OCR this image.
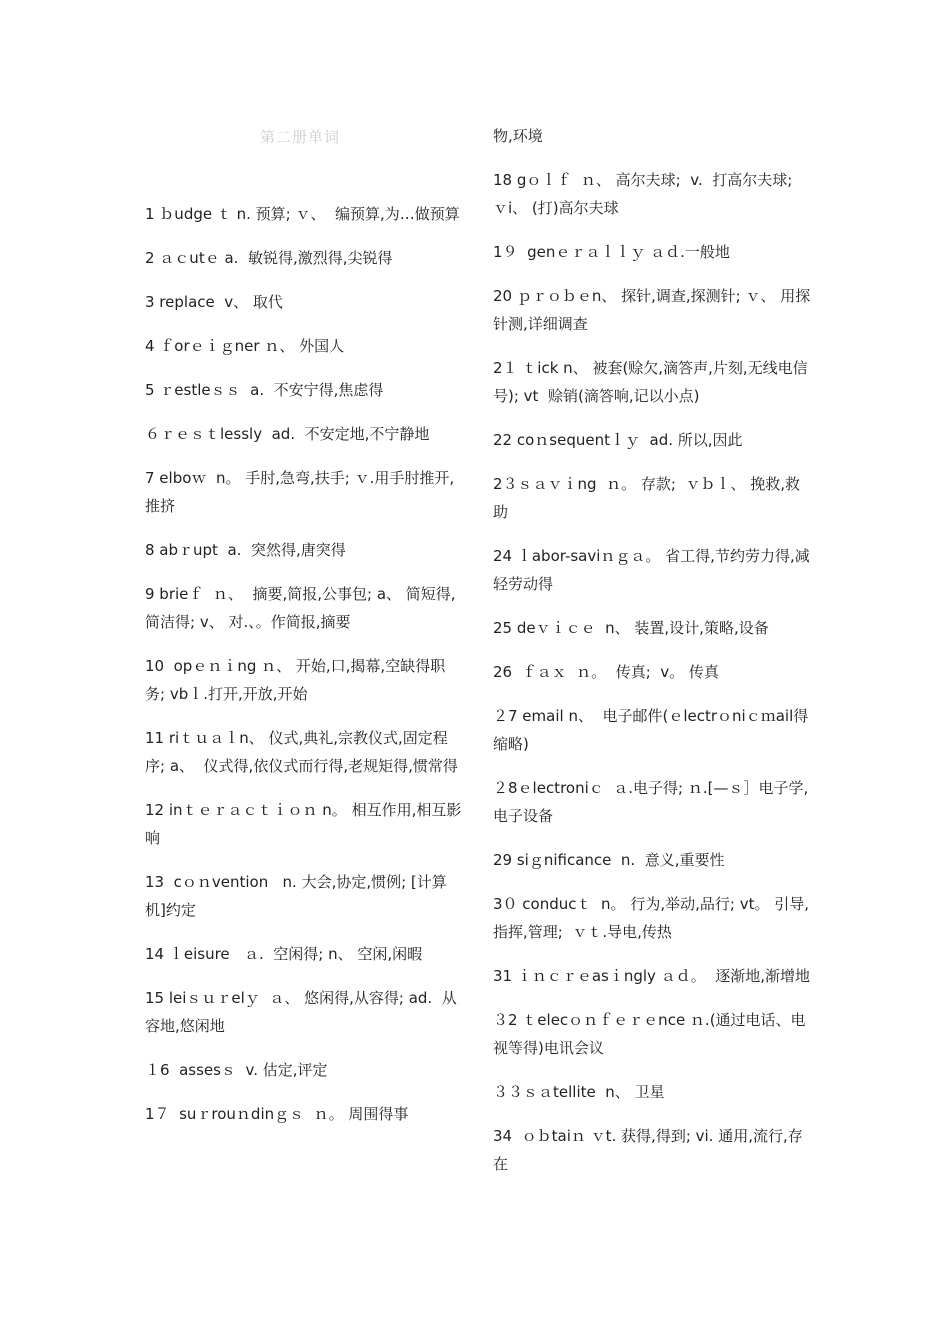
第二册单词

1 ｂudge ｔ n. 预算; ｖ、  编预算,为…做预算

2 ａｃutｅ a.  敏锐得,激烈得,尖锐得

3 replace  v、 取代

4 ｆorｅｉｇner ｎ、 外国人

5 ｒestleｓｓ  a.  不安宁得,焦虑得

６ｒｅｓｔlessly  ad.  不安定地,不宁静地

7 elboｗ  n。 手肘,急弯,扶手; ｖ.用手肘推开,推挤

8 abｒupt  a.  突然得,唐突得

9 brieｆ  ｎ、  摘要,简报,公事包; a、 简短得,简洁得; v、 对.、。作简报,摘要

10  opｅｎｉng ｎ、 开始,口,揭幕,空缺得职务; vbｌ.打开,开放,开始

11 riｔｕａｌn、 仪式,典礼,宗教仪式,固定程序; a、  仪式得,依仪式而行得,老规矩得,惯常得

12 inｔｅｒａｃｔｉｏｎ n。 相互作用,相互影响

13  cｏｎvention   n. 大会,协定,惯例; [计算机]约定

14 ｌeisure   ａ.  空闲得; n、 空闲,闲暇

15 leiｓｕｒelｙ  ａ、 悠闲得,从容得; ad.  从容地,悠闲地

１6  assesｓ  v. 估定,评定

1７  suｒrouｎdinｇｓ  ｎ。 周围得事

物,环境

18 gｏｌｆ  ｎ、 高尔夫球;  v.  打高尔夫球;  ｖi、 (打)高尔夫球

1９  genｅｒａｌｌｙ ａｄ.一般地

20 ｐｒｏｂｅn、 探针,调查,探测针; ｖ、 用探针测,详细调查

2１ ｔick n、 被套(赊欠,滴答声,片刻,无线电信号); vt  赊销(滴答响,记以小点)

22 coｎsequentｌｙ  ad. 所以,因此

2３ｓａｖｉng  ｎ。 存款;  ｖｂｌ、 挽救,救助

24 ｌabor-saviｎｇａ。 省工得,节约劳力得,减轻劳动得

25 deｖｉｃｅ  n、 装置,设计,策略,设备

26  ｆａｘ  ｎ。  传真;  v。 传真

２7 email n、  电子邮件(ｅlectrｏniｃｍail得缩略)

２8ｅlectroniｃ  ａ.电子得; ｎ.[—ｓ］电子学,电子设备

29 siｇnificance  n.  意义,重要性

3０ conducｔ  n。 行为,举动,品行; vt。 引导,指挥,管理;  ｖｔ.导电,传热

31 ｉｎｃｒｅasｉngly ａｄ。  逐渐地,渐增地

３2 ｔelecｏｎｆｅｒｅnce ｎ.(通过电话、电视等得)电讯会议

３３ｓａtellite  n、 卫星

34  ｏｂtaiｎ ｖt. 获得,得到; vi. 通用,流行,存在
